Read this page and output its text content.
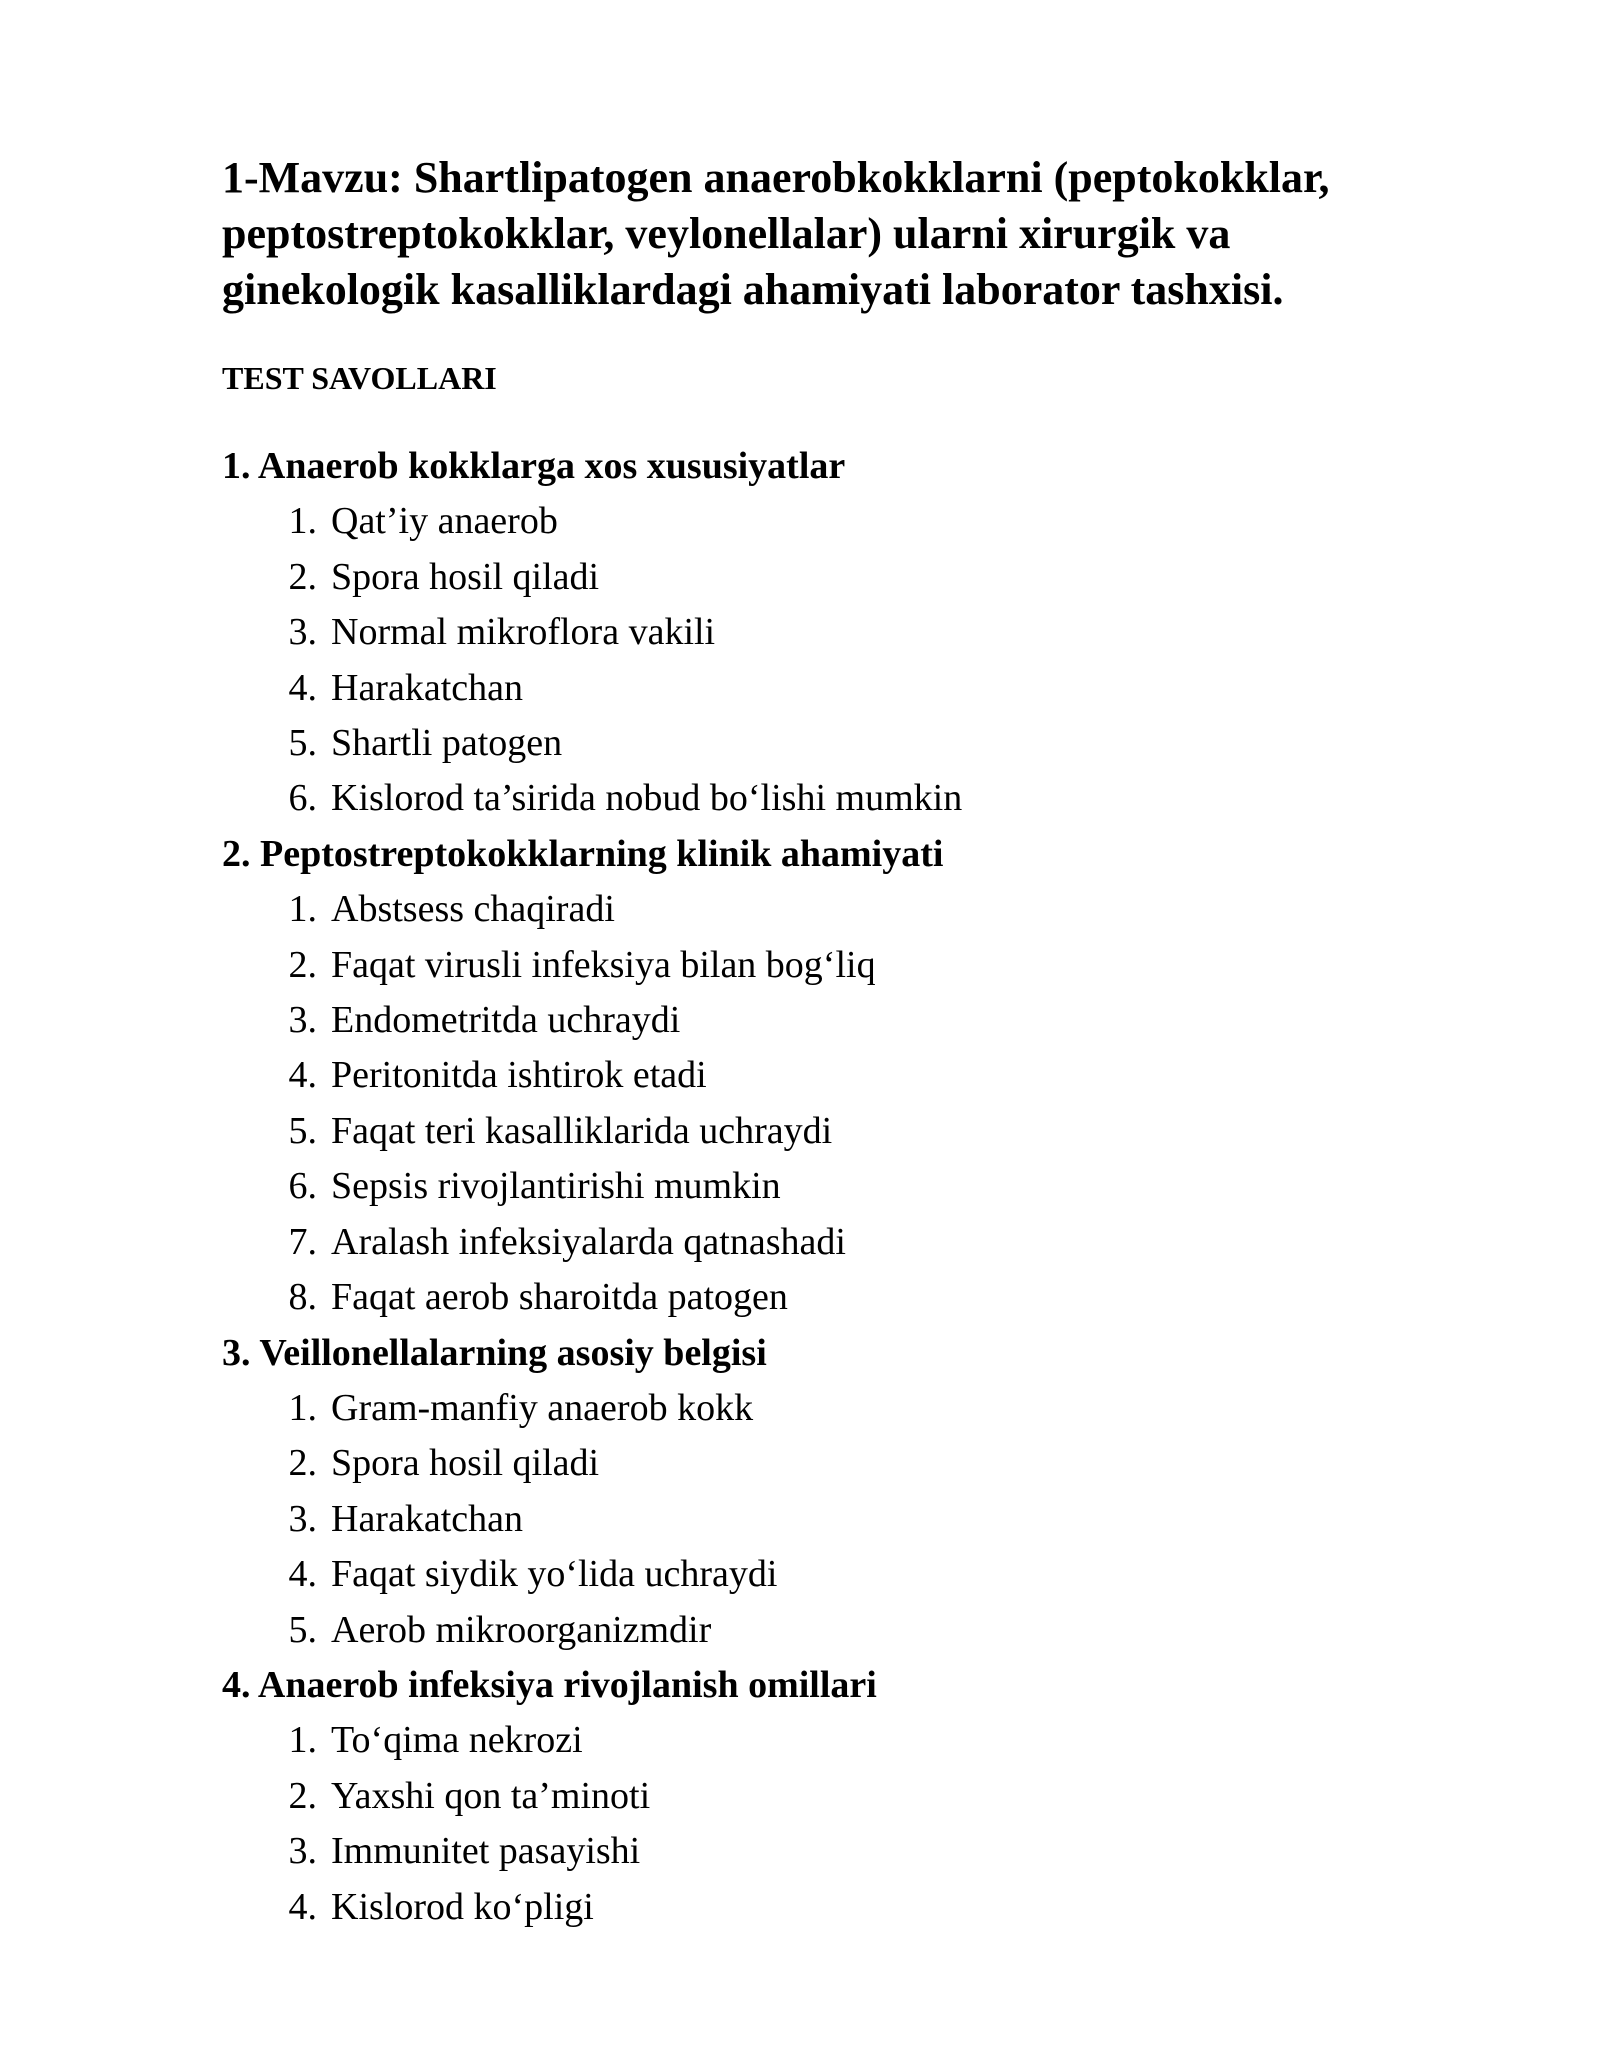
1-Mavzu: Shartlipatogen anaerobkokklarni (peptokokklar,
peptostreptokokklar, veylonellalar) ularni xirurgik va
ginekologik kasalliklardagi ahamiyati laborator tashxisi.
TEST SAVOLLARI
1. Anaerob kokklarga xos xususiyatlar
1. Qat’iy anaerob
2. Spora hosil qiladi
3. Normal mikroflora vakili
4. Harakatchan
5. Shartli patogen
6. Kislorod ta’sirida nobud bo‘lishi mumkin
2. Peptostreptokokklarning klinik ahamiyati
1. Abstsess chaqiradi
2. Faqat virusli infeksiya bilan bog‘liq
3. Endometritda uchraydi
4. Peritonitda ishtirok etadi
5. Faqat teri kasalliklarida uchraydi
6. Sepsis rivojlantirishi mumkin
7. Aralash infeksiyalarda qatnashadi
8. Faqat aerob sharoitda patogen
3. Veillonellalarning asosiy belgisi
1. Gram-manfiy anaerob kokk
2. Spora hosil qiladi
3. Harakatchan
4. Faqat siydik yo‘lida uchraydi
5. Aerob mikroorganizmdir
4. Anaerob infeksiya rivojlanish omillari
1. To‘qima nekrozi
2. Yaxshi qon ta’minoti
3. Immunitet pasayishi
4. Kislorod ko‘pligi
